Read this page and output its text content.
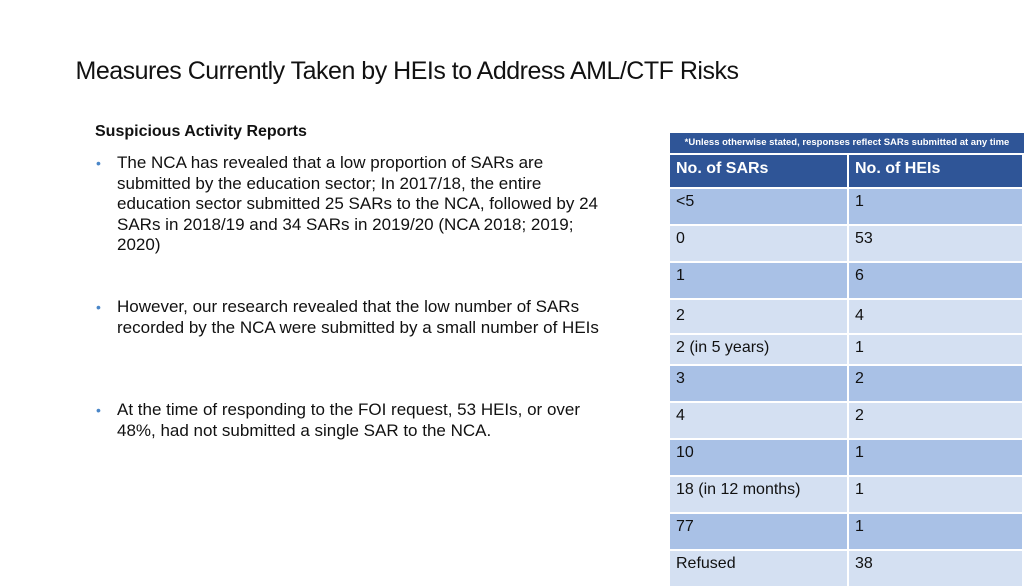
Measures Currently Taken by HEIs to Address AML/CTF Risks
Suspicious Activity Reports
• The NCA has revealed that a low proportion of SARs are submitted by the education sector; In 2017/18, the entire education sector submitted 25 SARs to the NCA, followed by 24 SARs in 2018/19 and 34 SARs in 2019/20 (NCA 2018; 2019; 2020)
• However, our research revealed that the low number of SARs recorded by the NCA were submitted by a small number of HEIs
• At the time of responding to the FOI request, 53 HEIs, or over 48%, had not submitted a single SAR to the NCA.
*Unless otherwise stated, responses reflect SARs submitted at any time
No. of SARs	No. of HEIs
<5	1
0	53
1	6
2	4
2 (in 5 years)	1
3	2
4	2
10	1
18 (in 12 months)	1
77	1
Refused	38
